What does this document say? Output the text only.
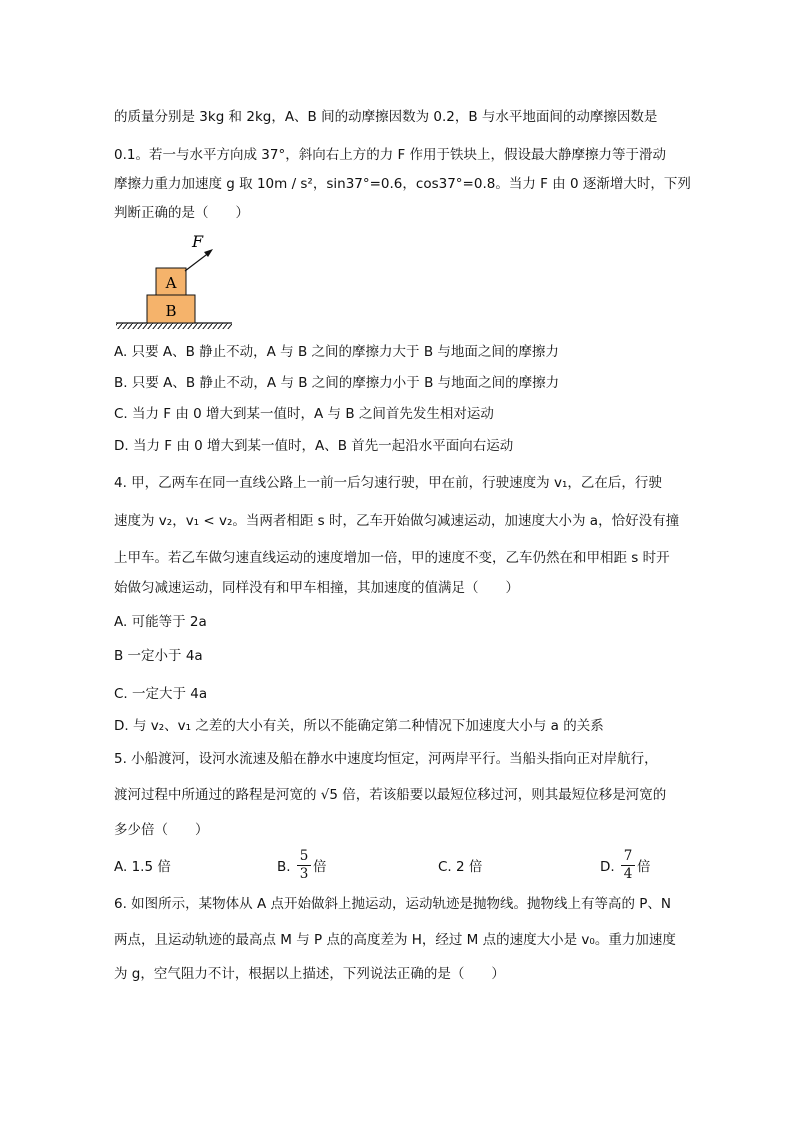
的质量分别是 3kg 和 2kg，A、B 间的动摩擦因数为 0.2，B 与水平地面间的动摩擦因数是
0.1。若一与水平方向成 37°，斜向右上方的力 F 作用于铁块上，假设最大静摩擦力等于滑动
摩擦力重力加速度 g 取 10m / s²，sin37°=0.6，cos37°=0.8。当力 F 由 0 逐渐增大时，下列
判断正确的是（　　）
A
B
F
A. 只要 A、B 静止不动，A 与 B 之间的摩擦力大于 B 与地面之间的摩擦力
B. 只要 A、B 静止不动，A 与 B 之间的摩擦力小于 B 与地面之间的摩擦力
C. 当力 F 由 0 增大到某一值时，A 与 B 之间首先发生相对运动
D. 当力 F 由 0 增大到某一值时，A、B 首先一起沿水平面向右运动
4. 甲，乙两车在同一直线公路上一前一后匀速行驶，甲在前，行驶速度为 v₁，乙在后，行驶
速度为 v₂，v₁ < v₂。当两者相距 s 时，乙车开始做匀减速运动，加速度大小为 a，恰好没有撞
上甲车。若乙车做匀速直线运动的速度增加一倍，甲的速度不变，乙车仍然在和甲相距 s 时开
始做匀减速运动，同样没有和甲车相撞，其加速度的值满足（　　）
A. 可能等于 2a
B 一定小于 4a
C. 一定大于 4a
D. 与 v₂、v₁ 之差的大小有关，所以不能确定第二种情况下加速度大小与 a 的关系
5. 小船渡河，设河水流速及船在静水中速度均恒定，河两岸平行。当船头指向正对岸航行，
渡河过程中所通过的路程是河宽的 √5 倍，若该船要以最短位移过河，则其最短位移是河宽的
多少倍（　　）
A. 1.5 倍	B. $\frac{5}{3}$ 倍	C. 2 倍	D. $\frac{7}{4}$ 倍
6. 如图所示，某物体从 A 点开始做斜上抛运动，运动轨迹是抛物线。抛物线上有等高的 P、N
两点，且运动轨迹的最高点 M 与 P 点的高度差为 H，经过 M 点的速度大小是 v₀。重力加速度
为 g，空气阻力不计，根据以上描述，下列说法正确的是（　　）
